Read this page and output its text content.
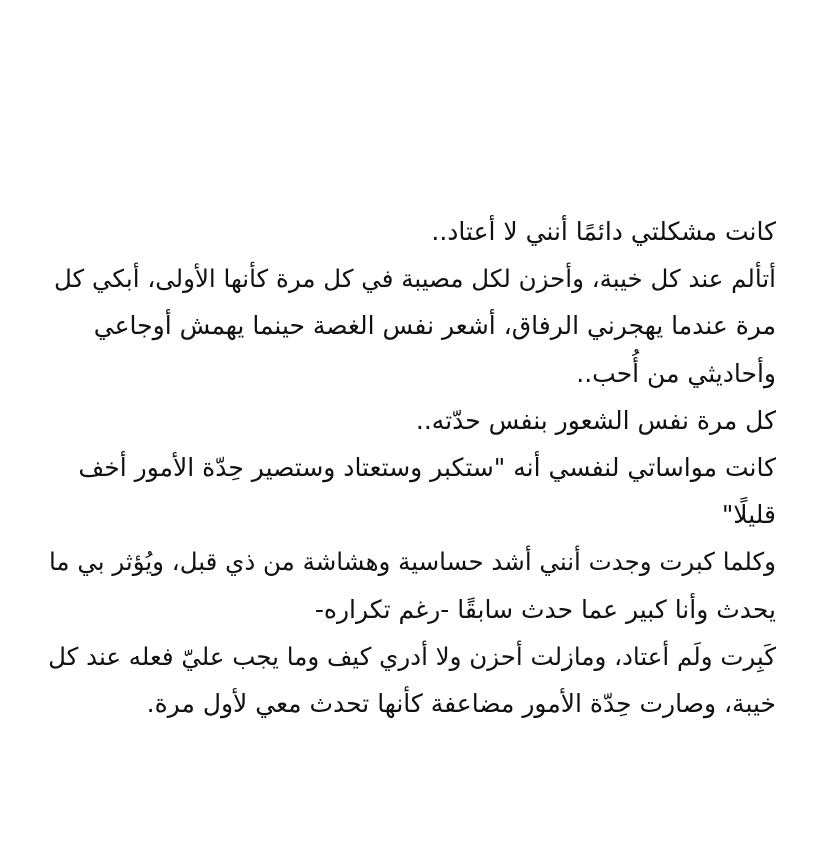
كانت مشكلتي دائمًا أنني لا أعتاد..
أتألم عند كل خيبة، وأحزن لكل مصيبة في كل مرة كأنها الأولى، أبكي كل
مرة عندما يهجرني الرفاق، أشعر نفس الغصة حينما يهمش أوجاعي
وأحاديثي من أُحب..
كل مرة نفس الشعور بنفس حدّته..
كانت مواساتي لنفسي أنه "ستكبر وستعتاد وستصير حِدّة الأمور أخف
قليلًا"
وكلما كبرت وجدت أنني أشد حساسية وهشاشة من ذي قبل، ويُؤثر بي ما
يحدث وأنا كبير عما حدث سابقًا -رغم تكراره-
كَبِرت ولَم أعتاد، ومازلت أحزن ولا أدري كيف وما يجب عليّ فعله عند كل
خيبة، وصارت حِدّة الأمور مضاعفة كأنها تحدث معي لأول مرة.
